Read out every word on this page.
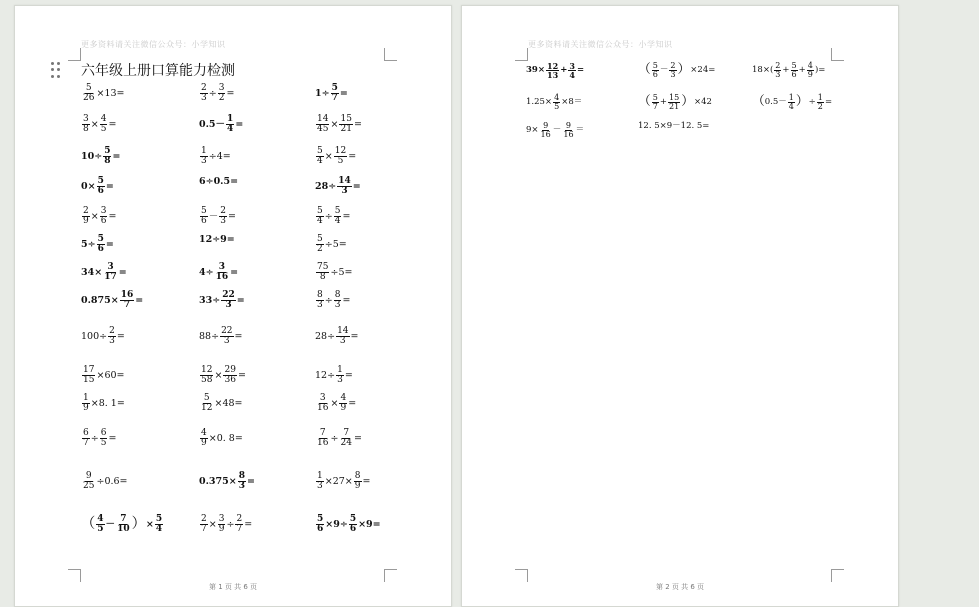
更多资料请关注微信公众号：小学知识
六年级上册口算能力检测
$\frac{5}{26} \times 13=$	$\frac{2}{3} \div \frac{3}{2}$ =	$1\div \frac{5}{7}$ =
$\frac{3}{8} \times \frac{4}{5}$ =	$0.5- \frac{1}{4}$ =	$\frac{14}{45} \times \frac{15}{21}$ =
$10\div \frac{5}{8}$ =	$\frac{1}{3} \div 4=$	$\frac{5}{4} \times \frac{12}{5}$ =
$0\times \frac{5}{6}$ =	6÷0.5=	$28\div \frac{14}{3}$ =
$\frac{2}{9} \times \frac{3}{6}$ =	$\frac{5}{6} - \frac{2}{3}$ =	$\frac{5}{4} \div \frac{5}{4}$ =
$5\div \frac{5}{6}$ =	12÷9=	$\frac{5}{2} \div 5=$
$34\times \frac{3}{17}$ =	$4\div \frac{3}{16}$ =	$\frac{75}{8} \div 5=$
$0.875\times \frac{16}{7}$ =	$33\div \frac{22}{3}$ =	$\frac{8}{3} \div \frac{8}{3}$ =
$100\div \frac{2}{3}$ =	$88\div \frac{22}{3}$ =	$28\div \frac{14}{3}$ =
$\frac{17}{15} \times 60=$	$\frac{12}{58} \times \frac{29}{36}$ =	$12\div \frac{1}{3}$ =
$\frac{1}{9} \times 8$. 1=	$\frac{5}{12} \times 48=$	$\frac{3}{16} \times \frac{4}{9}$ =
$\frac{6}{7} \div \frac{6}{5}$ =	$\frac{4}{9} \times 0$. 8=	$\frac{7}{16} \div \frac{7}{24}$ =
$\frac{9}{25} \div 0.6=$	$0.375\times \frac{8}{3}$ =	$\frac{1}{3} \times 27\times \frac{8}{9}$ =
（ $\frac{4}{5} - \frac{7}{10}$ ） × $\frac{5}{4}$	$\frac{2}{7} \times \frac{3}{9} \div \frac{2}{7}$ =	$\frac{5}{6} \times 9\div \frac{5}{6} \times 9=$
第 1 页 共 6 页
更多资料请关注微信公众号：小学知识
$39\times \frac{12}{13} + \frac{3}{4}$ =	（ $\frac{5}{6} - \frac{2}{3}$ ） ×24=	$18\times( \frac{2}{3} + \frac{5}{6} + \frac{4}{9}$ )=
$1.25\times \frac{4}{5} \times 8=$	（ $\frac{5}{7} + \frac{15}{21}$ ） ×42	（ $0.5- \frac{1}{4}$ ） ÷ $\frac{1}{2}$ =
$9\times \frac{9}{16} - \frac{9}{16}$ ＝	12. 5×9－12. 5=
第 2 页 共 6 页
